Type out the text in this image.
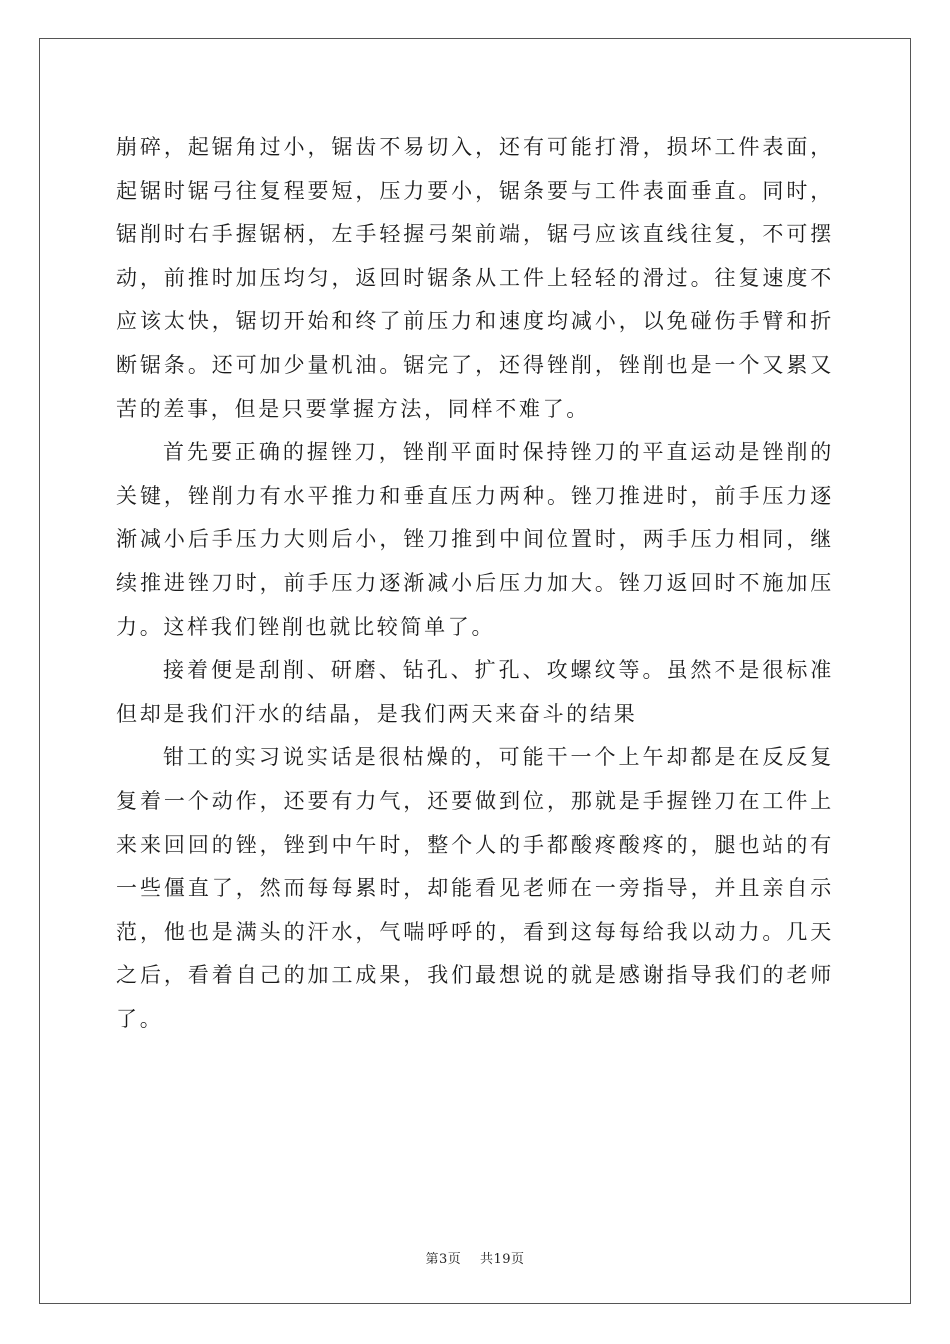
崩碎，起锯角过小，锯齿不易切入，还有可能打滑，损坏工件表面，起锯时锯弓往复程要短，压力要小，锯条要与工件表面垂直。同时，锯削时右手握锯柄，左手轻握弓架前端，锯弓应该直线往复，不可摆动，前推时加压均匀，返回时锯条从工件上轻轻的滑过。往复速度不应该太快，锯切开始和终了前压力和速度均减小，以免碰伤手臂和折断锯条。还可加少量机油。锯完了，还得锉削，锉削也是一个又累又苦的差事，但是只要掌握方法，同样不难了。

首先要正确的握锉刀，锉削平面时保持锉刀的平直运动是锉削的关键，锉削力有水平推力和垂直压力两种。锉刀推进时，前手压力逐渐减小后手压力大则后小，锉刀推到中间位置时，两手压力相同，继续推进锉刀时，前手压力逐渐减小后压力加大。锉刀返回时不施加压力。这样我们锉削也就比较简单了。

接着便是刮削、研磨、钻孔、扩孔、攻螺纹等。虽然不是很标准但却是我们汗水的结晶，是我们两天来奋斗的结果

钳工的实习说实话是很枯燥的，可能干一个上午却都是在反反复复着一个动作，还要有力气，还要做到位，那就是手握锉刀在工件上来来回回的锉，锉到中午时，整个人的手都酸疼酸疼的，腿也站的有一些僵直了，然而每每累时，却能看见老师在一旁指导，并且亲自示范，他也是满头的汗水，气喘呼呼的，看到这每每给我以动力。几天之后，看着自己的加工成果，我们最想说的就是感谢指导我们的老师了。

第3页 共19页
